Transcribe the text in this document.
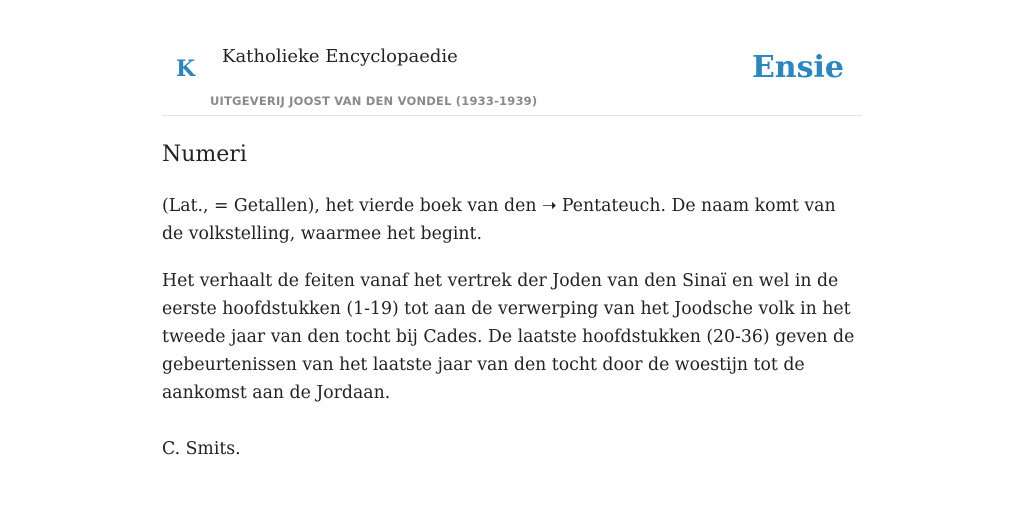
K Katholieke Encyclopaedie
UITGEVERIJ JOOST VAN DEN VONDEL (1933-1939)
Ensie
Numeri

(Lat., = Getallen), het vierde boek van den ➝ Pentateuch. De naam komt van de volkstelling, waarmee het begint.

Het verhaalt de feiten vanaf het vertrek der Joden van den Sinaï en wel in de eerste hoofdstukken (1-19) tot aan de verwerping van het Joodsche volk in het tweede jaar van den tocht bij Cades. De laatste hoofdstukken (20-36) geven de gebeurtenissen van het laatste jaar van den tocht door de woestijn tot de aankomst aan de Jordaan.

C. Smits.
